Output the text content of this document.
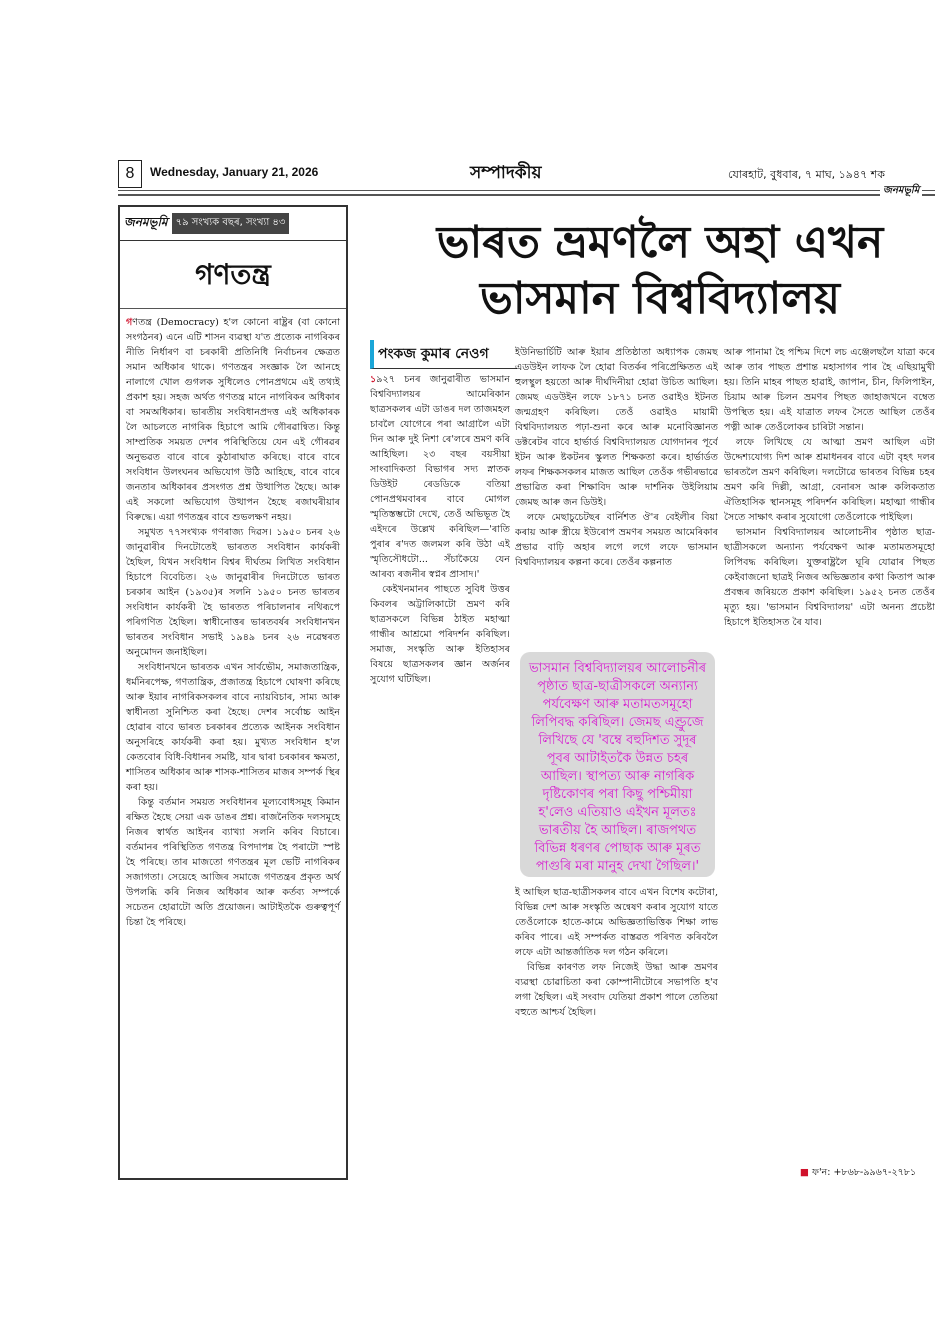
8	Wednesday, January 21, 2026	সম্পাদকীয়	যোৰহাট, বুধবাৰ, ৭ মাঘ, ১৯৪৭ শক
জনমভূমি
জনমভূমি ৭৯ সংখ্যক বছৰ, সংখ্যা ৪৩
গণতন্ত্র

গণতন্ত্র (Democracy) হ'ল কোনো ৰাষ্ট্ৰৰ (বা কোনো সংগঠনৰ) এনে এটি শাসন ব্যৱস্থা য'ত প্ৰত্যেক নাগৰিকৰ নীতি নিৰ্ধাৰণ বা চৰকাৰী প্ৰতিনিধি নিৰ্বাচনৰ ক্ষেত্ৰত সমান অধিকাৰ থাকে। গণতন্ত্ৰৰ সংজ্ঞাক লৈ আনহে নালাগে খোল গুগলক সুধিলেও পোনপ্ৰথমে এই তথ্যই প্ৰকাশ হয়। সহজ অৰ্থত গণতন্ত্ৰ মানে নাগৰিকৰ অধিকাৰ বা সমঅধিকাৰ। ভাৰতীয় সংবিধানপ্ৰদত্ত এই অধিকাৰক লৈ আচলতে নাগৰিক হিচাপে আমি গৌৰৱান্বিত। কিন্তু সাম্প্ৰতিক সময়ত দেশৰ পৰিস্থিতিয়ে যেন এই গৌৰৱৰ অনুভৱত বাৰে বাৰে কুঠাৰাঘাত কৰিছে। বাৰে বাৰে সংবিধান উলংঘনৰ অভিযোগ উঠি আহিছে, বাৰে বাৰে জনতাৰ অধিকাৰৰ প্ৰসংগত প্ৰশ্ন উত্থাপিত হৈছে। আৰু এই সকলো অভিযোগ উত্থাপন হৈছে ৰজাঘৰীয়াৰ বিৰুদ্ধে। এয়া গণতন্ত্ৰৰ বাবে শুভলক্ষণ নহয়।

সমুখত ৭৭সংখ্যক গণৰাজ্য দিৱস। ১৯৫০ চনৰ ২৬ জানুৱাৰীৰ দিনটোতেই ভাৰতত সংবিধান কাৰ্যকৰী হৈছিল, যিখন সংবিধান বিশ্বৰ দীৰ্ঘতম লিখিত সংবিধান হিচাপে বিবেচিত। ২৬ জানুৱাৰীৰ দিনটোতে ভাৰত চৰকাৰ আইন (১৯৩৫)ৰ সলনি ১৯৫০ চনত ভাৰতৰ সংবিধান কাৰ্যকৰী হৈ ভাৰতত পৰিচালনাৰ নথিৰূপে পৰিগণিত হৈছিল। স্বাধীনোত্তৰ ভাৰতবৰ্ষৰ সংবিধানখন ভাৰতৰ সংবিধান সভাই ১৯৪৯ চনৰ ২৬ নৱেম্বৰত অনুমোদন জনাইছিল।

সংবিধানখনে ভাৰতক এখন সাৰ্বভৌম, সমাজতান্ত্ৰিক, ধৰ্মনিৰপেক্ষ, গণতান্ত্ৰিক, প্ৰজাতন্ত্ৰ হিচাপে ঘোষণা কৰিছে আৰু ইয়াৰ নাগৰিকসকলৰ বাবে ন্যায়বিচাৰ, সাম্য আৰু স্বাধীনতা সুনিশ্চিত কৰা হৈছে। দেশৰ সৰ্বোচ্চ আইন হোৱাৰ বাবে ভাৰত চৰকাৰৰ প্ৰত্যেক আইনক সংবিধান অনুসৰিহে কাৰ্যকৰী কৰা হয়। মুখ্যত সংবিধান হ'ল কেতবোৰ বিধি-বিধানৰ সমষ্টি, যাৰ দ্বাৰা চৰকাৰৰ ক্ষমতা, শাসিতৰ অধিকাৰ আৰু শাসক-শাসিতৰ মাজৰ সম্পৰ্ক স্থিৰ কৰা হয়।

কিন্তু বৰ্তমান সময়ত সংবিধানৰ মূল্যবোধসমূহ কিমান ৰক্ষিত হৈছে সেয়া এক ডাঙৰ প্ৰশ্ন। ৰাজনৈতিক দলসমূহে নিজৰ স্বাৰ্থত আইনৰ ব্যাখ্যা সলনি কৰিব বিচাৰে। বৰ্তমানৰ পৰিস্থিতিত গণতন্ত্ৰ বিপদাপন্ন হৈ পৰাটো স্পষ্ট হৈ পৰিছে। তাৰ মাজতো গণতন্ত্ৰৰ মূল ভেটি নাগৰিকৰ সজাগতা। সেয়েহে আজিৰ সমাজে গণতন্ত্ৰৰ প্ৰকৃত অৰ্থ উপলব্ধি কৰি নিজৰ অধিকাৰ আৰু কৰ্তব্য সম্পৰ্কে সচেতন হোৱাটো অতি প্ৰয়োজন। আটাইতকৈ গুৰুত্বপূৰ্ণ চিন্তা হৈ পৰিছে।

ভাৰত ভ্ৰমণলৈ অহা এখন ভাসমান বিশ্ববিদ্যালয়
পংকজ কুমাৰ নেওগ

১৯২৭ চনৰ জানুৱাৰীত ভাসমান বিশ্ববিদ্যালয়ৰ আমেৰিকান ছাত্ৰসকলৰ এটা ডাঙৰ দল তাজমহল চাবলৈ যোগেৰে পৰা আগ্ৰালৈ এটা দিন আৰু দুই নিশা ৰে'লৰে ভ্ৰমণ কৰি আহিছিল। ২৩ বছৰ বয়সীয়া সাংবাদিকতা বিভাগৰ সদ্য স্নাতক ডিউইট ৰেডডিকে বতিয়া পোনপ্ৰথমবাৰৰ বাবে মোগল স্মৃতিস্তম্ভটো দেখে, তেওঁ অভিভূত হৈ এইদৰে উল্লেখ কৰিছিল—'ৰাতি পুৰাৰ ৰ'দত জলমল কৰি উঠা এই স্মৃতিসৌধটো... সঁচাকৈয়ে যেন আৰব্য ৰজনীৰ স্বপ্নৰ প্ৰাসাদ।'

কেইখনমানৰ পাছতে সুবিধ উত্তৰ কিবলৰ অট্টালিকাটো ভ্ৰমণ কৰি ছাত্ৰসকলে বিভিন্ন ঠাইত মহাত্মা গান্ধীৰ আশ্ৰমো পৰিদৰ্শন কৰিছিল। সমাজ, সংস্কৃতি আৰু ইতিহাসৰ বিষয়ে ছাত্ৰসকলৰ জ্ঞান অৰ্জনৰ সুযোগ ঘটিছিল।

ইউনিভাৰ্চিটি আৰু ইয়াৰ প্ৰতিষ্ঠাতা অধ্যাপক জেমছ এডউইন লাফক লৈ হোৱা বিতৰ্কৰ পৰিপ্ৰেক্ষিতত এই হুলস্থুল হয়তো আৰু দীৰ্ঘদিনীয়া হোৱা উচিত আছিল। জেমছ এডউইন লফে ১৮৭১ চনত ওৱাইও ইটনত জন্মগ্ৰহণ কৰিছিল। তেওঁ ওৱাইও মায়ামী বিশ্ববিদ্যালয়ত পঢ়া-শুনা কৰে আৰু মনোবিজ্ঞানত ডক্টৰেটৰ বাবে হাৰ্ভাৰ্ড বিশ্ববিদ্যালয়ত যোগদানৰ পূৰ্বে ইটন আৰু ষ্টকটনৰ স্কুলত শিক্ষকতা কৰে। হাৰ্ভাৰ্ডত লফৰ শিক্ষকসকলৰ মাজত আছিল তেওঁক গভীৰভাৱে প্ৰভাৱিত কৰা শিক্ষাবিদ আৰু দাৰ্শনিক উইলিয়াম জেমছ আৰু জন ডিউই।

লফে মেছাচুচেটছৰ বাৰ্নিশত ঔ'ৰ বেইলীৰ বিয়া কৰায় আৰু স্ত্ৰীয়ে ইউৰোপ ভ্ৰমণৰ সময়ত আমেৰিকাৰ প্ৰভাৱ বাঢ়ি অহাৰ লগে লগে লফে ভাসমান বিশ্ববিদ্যালয়ৰ কল্পনা কৰে। তেওঁৰ কল্পনাত

ভাসমান বিশ্ববিদ্যালয়ৰ আলোচনীৰ পৃষ্ঠাত ছাত্ৰ-ছাত্ৰীসকলে অন্যান্য পৰ্যবেক্ষণ আৰু মতামতসমূহো লিপিবদ্ধ কৰিছিল। জেমছ এণ্ড্ৰুজে লিখিছে যে 'বম্বে বহুদিশত সুদূৰ পূবৰ আটাইতকৈ উন্নত চহৰ আছিল। স্থাপত্য আৰু নাগৰিক দৃষ্টিকোণৰ পৰা কিছু পশ্চিমীয়া হ'লেও এতিয়াও এইখন মূলতঃ ভাৰতীয় হৈ আছিল। ৰাজপথত বিভিন্ন ধৰণৰ পোছাক আৰু মূৰত পাগুৰি মৰা মানুহ দেখা গৈছিল।'

ই আছিল ছাত্ৰ-ছাত্ৰীসকলৰ বাবে এখন বিশেষ কটোৰা, বিভিন্ন দেশ আৰু সংস্কৃতি অন্বেষণ কৰাৰ সুযোগ যাতে তেওঁলোকে হাতে-কামে অভিজ্ঞতাভিত্তিক শিক্ষা লাভ কৰিব পাৰে। এই সম্পৰ্কত বাস্তৱত পৰিণত কৰিবলৈ লফে এটা আন্তৰ্জাতিক দল গঠন কৰিলে।

বিভিন্ন কাৰণত লফ নিজেই উদ্ধা আৰু ভ্ৰমণৰ ব্যৱস্থা চোৱাচিতা কৰা কোম্পানীটোৰে সভাপতি হ'ব লগা হৈছিল। এই সংবাদ যেতিয়া প্ৰকাশ পালে তেতিয়া বহুতে আশ্চৰ্য হৈছিল।

আৰু পানামা হৈ পশ্চিম দিশে লচ এঞ্জেলছলৈ যাত্ৰা কৰে আৰু তাৰ পাছত প্ৰশান্ত মহাসাগৰ পাৰ হৈ এছিয়ামুখী হয়। তিনি মাহৰ পাছত হাৱাই, জাপান, চীন, ফিলিপাইন, চিয়াম আৰু চিলন ভ্ৰমণৰ পিছত জাহাজখনে বম্বেত উপস্থিত হয়। এই যাত্ৰাত লফৰ সৈতে আছিল তেওঁৰ পত্নী আৰু তেওঁলোকৰ চাৰিটা সন্তান।

লফে লিখিছে যে আত্মা ভ্ৰমণ আছিল এটা উদ্দেশ্যযোগ্য দিশ আৰু শ্ৰমাধনৰৰ বাবে এটা বৃহৎ দলৰ ভাৰতলৈ ভ্ৰমণ কৰিছিল। দলটোৱে ভাৰতৰ বিভিন্ন চহৰ ভ্ৰমণ কৰি দিল্লী, আগ্ৰা, বেনাৰস আৰু কলিকতাত ঐতিহাসিক স্থানসমূহ পৰিদৰ্শন কৰিছিল। মহাত্মা গান্ধীৰ সৈতে সাক্ষাৎ কৰাৰ সুযোগো তেওঁলোকে পাইছিল।

ভাসমান বিশ্ববিদ্যালয়ৰ আলোচনীৰ পৃষ্ঠাত ছাত্ৰ-ছাত্ৰীসকলে অন্যান্য পৰ্যবেক্ষণ আৰু মতামতসমূহো লিপিবদ্ধ কৰিছিল। যুক্তৰাষ্ট্ৰলৈ ঘূৰি যোৱাৰ পিছত কেইবাজনো ছাত্ৰই নিজৰ অভিজ্ঞতাৰ কথা কিতাপ আৰু প্ৰবন্ধৰ জৰিয়তে প্ৰকাশ কৰিছিল। ১৯৫২ চনত তেওঁৰ মৃত্যু হয়। 'ভাসমান বিশ্ববিদ্যালয়' এটা অনন্য প্ৰচেষ্টা হিচাপে ইতিহাসত ৰৈ যাব।

■ ফ'ন: +৮৬৮-৯৯৬৭-২৭৮১
